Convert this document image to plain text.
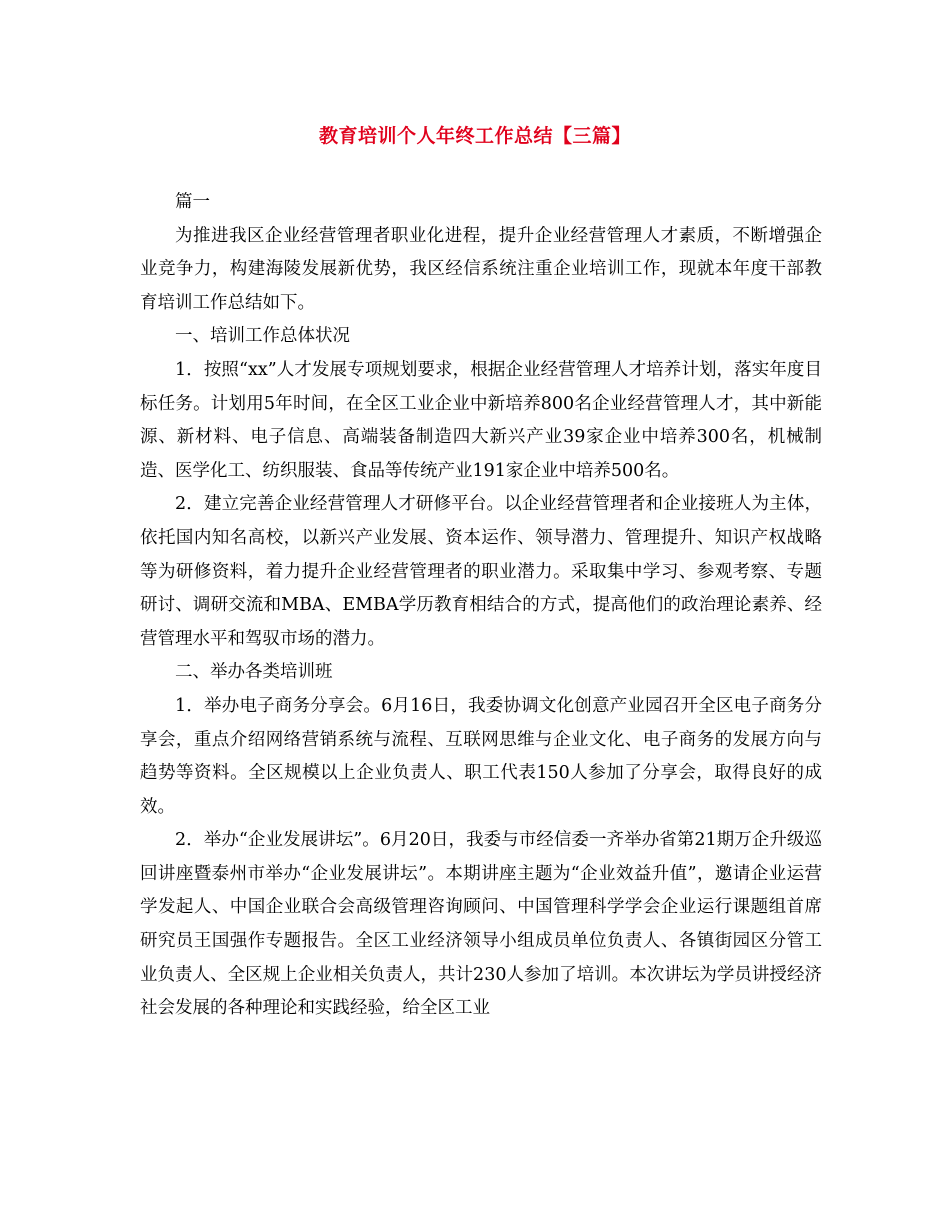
教育培训个人年终工作总结【三篇】

篇一

为推进我区企业经营管理者职业化进程，提升企业经营管理人才素质，不断增强企业竞争力，构建海陵发展新优势，我区经信系统注重企业培训工作，现就本年度干部教育培训工作总结如下。

一、培训工作总体状况

1．按照“xx”人才发展专项规划要求，根据企业经营管理人才培养计划，落实年度目标任务。计划用5年时间，在全区工业企业中新培养800名企业经营管理人才，其中新能源、新材料、电子信息、高端装备制造四大新兴产业39家企业中培养300名，机械制造、医学化工、纺织服装、食品等传统产业191家企业中培养500名。

2．建立完善企业经营管理人才研修平台。以企业经营管理者和企业接班人为主体，依托国内知名高校，以新兴产业发展、资本运作、领导潜力、管理提升、知识产权战略等为研修资料，着力提升企业经营管理者的职业潜力。采取集中学习、参观考察、专题研讨、调研交流和MBA、EMBA学历教育相结合的方式，提高他们的政治理论素养、经营管理水平和驾驭市场的潜力。

二、举办各类培训班

1．举办电子商务分享会。6月16日，我委协调文化创意产业园召开全区电子商务分享会，重点介绍网络营销系统与流程、互联网思维与企业文化、电子商务的发展方向与趋势等资料。全区规模以上企业负责人、职工代表150人参加了分享会，取得良好的成效。

2．举办“企业发展讲坛”。6月20日，我委与市经信委一齐举办省第21期万企升级巡回讲座暨泰州市举办“企业发展讲坛”。本期讲座主题为“企业效益升值”，邀请企业运营学发起人、中国企业联合会高级管理咨询顾问、中国管理科学学会企业运行课题组首席研究员王国强作专题报告。全区工业经济领导小组成员单位负责人、各镇街园区分管工业负责人、全区规上企业相关负责人，共计230人参加了培训。本次讲坛为学员讲授经济社会发展的各种理论和实践经验，给全区工业
